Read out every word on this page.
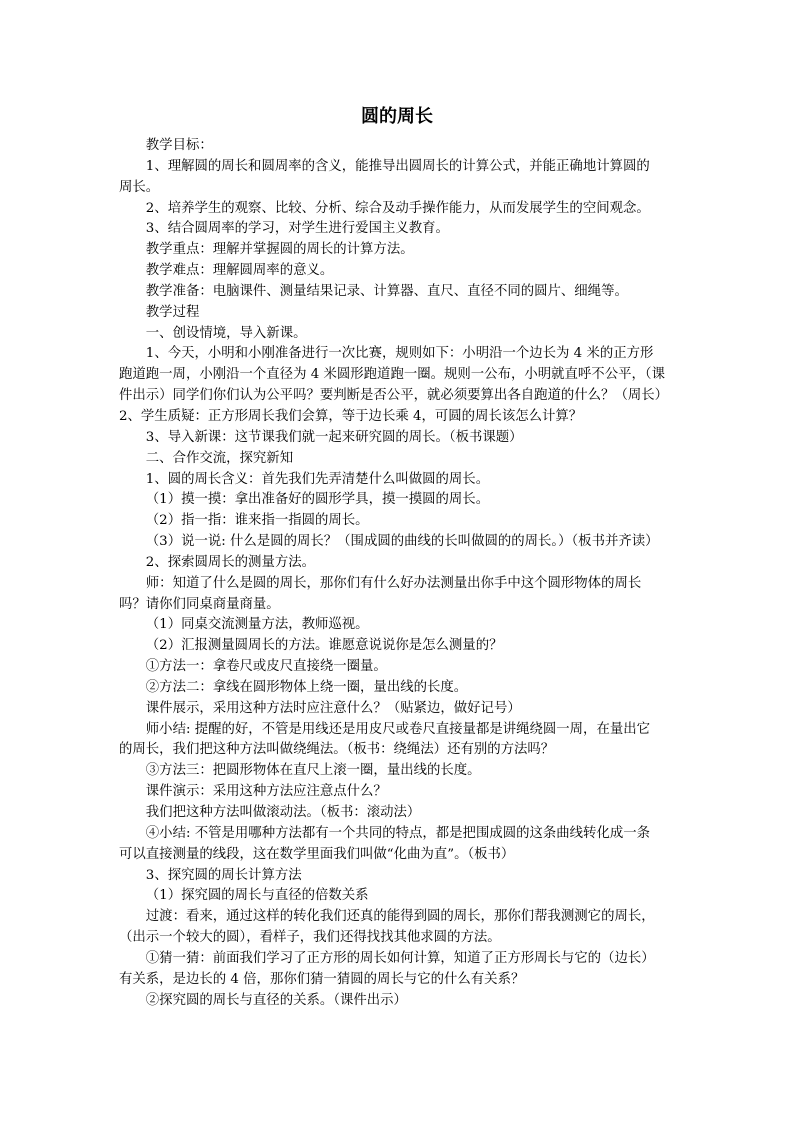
圆的周长

教学目标：

1、理解圆的周长和圆周率的含义，能推导出圆周长的计算公式，并能正确地计算圆的

周长。

2、培养学生的观察、比较、分析、综合及动手操作能力，从而发展学生的空间观念。

3、结合圆周率的学习，对学生进行爱国主义教育。

教学重点：理解并掌握圆的周长的计算方法。

教学难点：理解圆周率的意义。

教学准备：电脑课件、测量结果记录、计算器、直尺、直径不同的圆片、细绳等。

教学过程

一、创设情境，导入新课。

1、今天，小明和小刚准备进行一次比赛，规则如下：小明沿一个边长为 4 米的正方形

跑道跑一周，小刚沿一个直径为 4 米圆形跑道跑一圈。规则一公布，小明就直呼不公平，（课

件出示）同学们你们认为公平吗？要判断是否公平，就必须要算出各自跑道的什么？（周长）

2、学生质疑：正方形周长我们会算，等于边长乘 4，可圆的周长该怎么计算？

3、导入新课：这节课我们就一起来研究圆的周长。（板书课题）

二、合作交流，探究新知

1、圆的周长含义：首先我们先弄清楚什么叫做圆的周长。

（1）摸一摸：拿出准备好的圆形学具，摸一摸圆的周长。

（2）指一指：谁来指一指圆的周长。

（3）说一说: 什么是圆的周长？（围成圆的曲线的长叫做圆的的周长。）（板书并齐读）

2、探索圆周长的测量方法。

师：知道了什么是圆的周长，那你们有什么好办法测量出你手中这个圆形物体的周长

吗？请你们同桌商量商量。

（1）同桌交流测量方法，教师巡视。

（2）汇报测量圆周长的方法。谁愿意说说你是怎么测量的？

①方法一：拿卷尺或皮尺直接绕一圈量。

②方法二：拿线在圆形物体上绕一圈，量出线的长度。

课件展示，采用这种方法时应注意什么？（贴紧边，做好记号）

师小结: 提醒的好，不管是用线还是用皮尺或卷尺直接量都是讲绳绕圆一周，在量出它

的周长，我们把这种方法叫做绕绳法。（板书：绕绳法）还有别的方法吗？

③方法三：把圆形物体在直尺上滚一圈，量出线的长度。

课件演示：采用这种方法应注意点什么？

我们把这种方法叫做滚动法。（板书：滚动法）

④小结: 不管是用哪种方法都有一个共同的特点，都是把围成圆的这条曲线转化成一条

可以直接测量的线段，这在数学里面我们叫做“化曲为直”。（板书）

3、探究圆的周长计算方法

（1）探究圆的周长与直径的倍数关系

过渡：看来，通过这样的转化我们还真的能得到圆的周长，那你们帮我测测它的周长，

（出示一个较大的圆），看样子，我们还得找找其他求圆的方法。

①猜一猜：前面我们学习了正方形的周长如何计算，知道了正方形周长与它的（边长）

有关系，是边长的 4 倍，那你们猜一猜圆的周长与它的什么有关系？

②探究圆的周长与直径的关系。（课件出示）
